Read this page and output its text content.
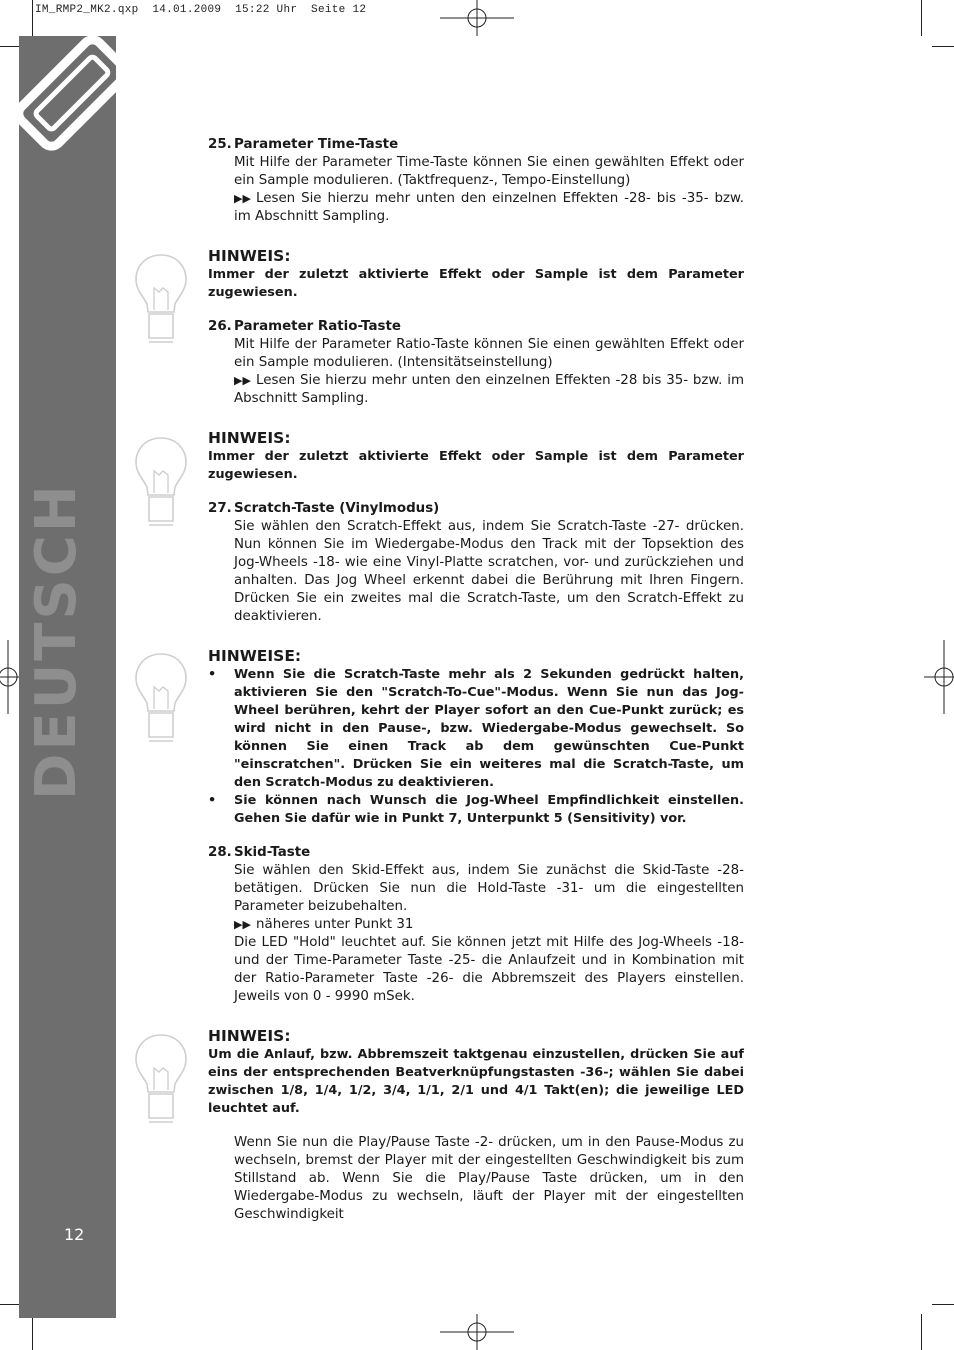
IM_RMP2_MK2.qxp  14.01.2009  15:22 Uhr  Seite 12
12
DEUTSCH
25. Parameter Time-Taste
Mit Hilfe der Parameter Time-Taste können Sie einen gewählten Effekt oder ein Sample modulieren. (Taktfrequenz-, Tempo-Einstellung)
▶▶ Lesen Sie hierzu mehr unten den einzelnen Effekten -28- bis -35- bzw. im Abschnitt Sampling.
HINWEIS:
Immer der zuletzt aktivierte Effekt oder Sample ist dem Parameter zugewiesen.
26. Parameter Ratio-Taste
Mit Hilfe der Parameter Ratio-Taste können Sie einen gewählten Effekt oder ein Sample modulieren. (Intensitätseinstellung)
▶▶ Lesen Sie hierzu mehr unten den einzelnen Effekten -28 bis 35- bzw. im Abschnitt Sampling.
HINWEIS:
Immer der zuletzt aktivierte Effekt oder Sample ist dem Parameter zugewiesen.
27. Scratch-Taste (Vinylmodus)
Sie wählen den Scratch-Effekt aus, indem Sie Scratch-Taste -27- drücken. Nun können Sie im Wiedergabe-Modus den Track mit der Topsektion des Jog-Wheels -18- wie eine Vinyl-Platte scratchen, vor- und zurückziehen und anhalten. Das Jog Wheel erkennt dabei die Berührung mit Ihren Fingern. Drücken Sie ein zweites mal die Scratch-Taste, um den Scratch-Effekt zu deaktivieren.
HINWEISE:
• Wenn Sie die Scratch-Taste mehr als 2 Sekunden gedrückt halten, aktivieren Sie den "Scratch-To-Cue"-Modus. Wenn Sie nun das Jog-Wheel berühren, kehrt der Player sofort an den Cue-Punkt zurück; es wird nicht in den Pause-, bzw. Wiedergabe-Modus gewechselt. So können Sie einen Track ab dem gewünschten Cue-Punkt "einscratchen". Drücken Sie ein weiteres mal die Scratch-Taste, um den Scratch-Modus zu deaktivieren.
• Sie können nach Wunsch die Jog-Wheel Empfindlichkeit einstellen. Gehen Sie dafür wie in Punkt 7, Unterpunkt 5 (Sensitivity) vor.
28. Skid-Taste
Sie wählen den Skid-Effekt aus, indem Sie zunächst die Skid-Taste -28- betätigen. Drücken Sie nun die Hold-Taste -31- um die eingestellten Parameter beizubehalten.
▶▶ näheres unter Punkt 31
Die LED "Hold" leuchtet auf. Sie können jetzt mit Hilfe des Jog-Wheels -18- und der Time-Parameter Taste -25- die Anlaufzeit und in Kombination mit der Ratio-Parameter Taste -26- die Abbremszeit des Players einstellen. Jeweils von 0 - 9990 mSek.
HINWEIS:
Um die Anlauf, bzw. Abbremszeit taktgenau einzustellen, drücken Sie auf eins der entsprechenden Beatverknüpfungstasten -36-; wählen Sie dabei zwischen 1/8, 1/4, 1/2, 3/4, 1/1, 2/1 und 4/1 Takt(en); die jeweilige LED leuchtet auf.
Wenn Sie nun die Play/Pause Taste -2- drücken, um in den Pause-Modus zu wechseln, bremst der Player mit der eingestellten Geschwindigkeit bis zum Stillstand ab. Wenn Sie die Play/Pause Taste drücken, um in den Wiedergabe-Modus zu wechseln, läuft der Player mit der eingestellten Geschwindigkeit
